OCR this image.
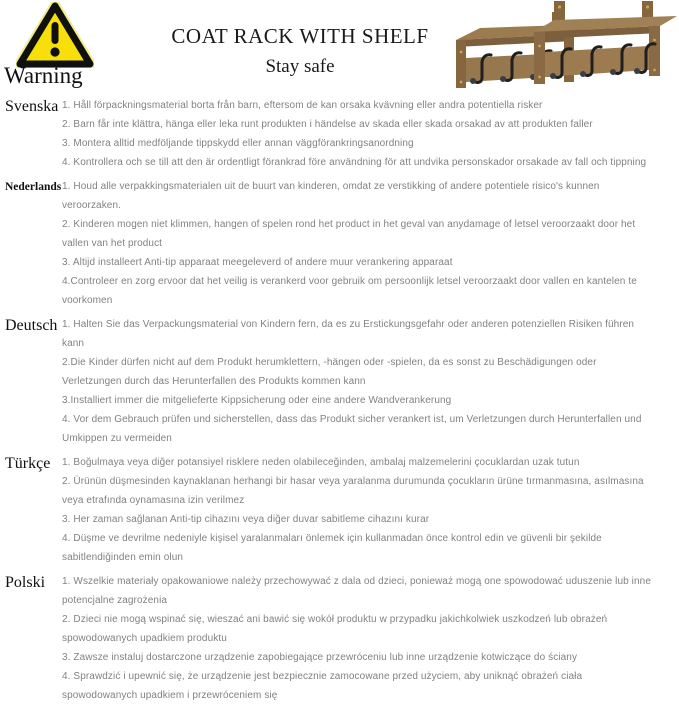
Warning
COAT RACK WITH SHELF
Stay safe
Svenska 1. Håll förpackningsmaterial borta från barn, eftersom de kan orsaka kvävning eller andra potentiella risker

2. Barn får inte klättra, hänga eller leka runt produkten i händelse av skada eller skada orsakad av att produkten faller

3. Montera alltid medföljande tippskydd eller annan väggförankringsanordning

4. Kontrollera och se till att den är ordentligt förankrad före användning för att undvika personskador orsakade av fall och tippning

Nederlands 1. Houd alle verpakkingsmaterialen uit de buurt van kinderen, omdat ze verstikking of andere potentiele risico's kunnen veroorzaken.

2. Kinderen mogen niet klimmen, hangen of spelen rond het product in het geval van anydamage of letsel veroorzaakt door het vallen van het product

3. Altijd installeert Anti-tip apparaat meegeleverd of andere muur verankering apparaat

4.Controleer en zorg ervoor dat het veilig is verankerd voor gebruik om persoonlijk letsel veroorzaakt door vallen en kantelen te voorkomen

Deutsch 1. Halten Sie das Verpackungsmaterial von Kindern fern, da es zu Erstickungsgefahr oder anderen potenziellen Risiken führen kann

2.Die Kinder dürfen nicht auf dem Produkt herumklettern, -hängen oder -spielen, da es sonst zu Beschädigungen oder Verletzungen durch das Herunterfallen des Produkts kommen kann

3.Installiert immer die mitgelieferte Kippsicherung oder eine andere Wandverankerung

4. Vor dem Gebrauch prüfen und sicherstellen, dass das Produkt sicher verankert ist, um Verletzungen durch Herunterfallen und Umkippen zu vermeiden

Türkçe	1. Boğulmaya veya diğer potansiyel risklere neden olabileceğinden, ambalaj malzemelerini çocuklardan uzak tutun

2. Ürünün düşmesinden kaynaklanan herhangi bir hasar veya yaralanma durumunda çocukların ürüne tırmanmasına, asılmasına veya etrafında oynamasına izin verilmez

3. Her zaman sağlanan Anti-tip cihazını veya diğer duvar sabitleme cihazını kurar

4. Düşme ve devrilme nedeniyle kişisel yaralanmaları önlemek için kullanmadan önce kontrol edin ve güvenli bir şekilde sabitlendiğinden emin olun

Polski	1. Wszelkie materiały opakowaniowe należy przechowywać z dala od dzieci, ponieważ mogą one spowodować uduszenie lub inne potencjalne zagrożenia

2. Dzieci nie mogą wspinać się, wieszać ani bawić się wokół produktu w przypadku jakichkolwiek uszkodzeń lub obrażeń spowodowanych upadkiem produktu

3. Zawsze instaluj dostarczone urządzenie zapobiegające przewróceniu lub inne urządzenie kotwiczące do ściany

4. Sprawdzić i upewnić się, że urządzenie jest bezpiecznie zamocowane przed użyciem, aby uniknąć obrażeń ciała spowodowanych upadkiem i przewróceniem się
